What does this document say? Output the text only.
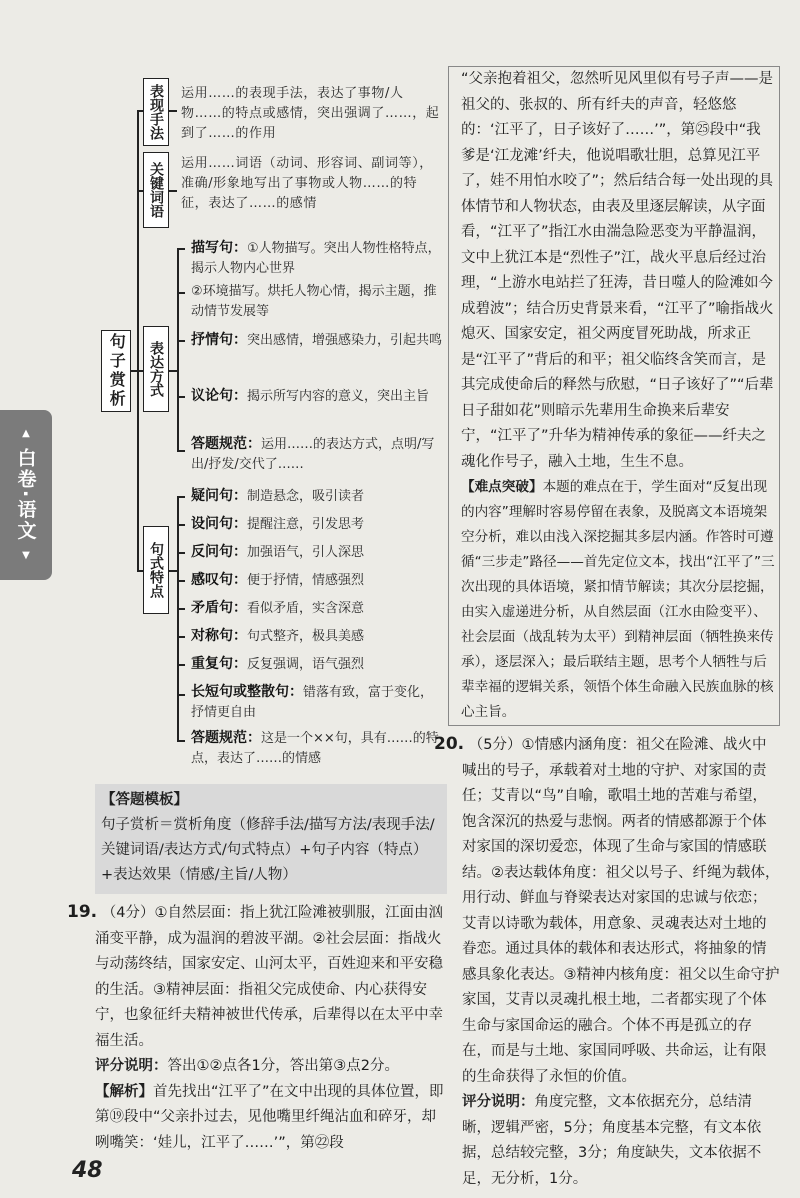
▲
白卷·语文
▼
句子赏析
表现手法 运用……的表现手法，表达了事物/人物……的特点或感情，突出强调了……，起到了……的作用
关键词语 运用……词语（动词、形容词、副词等），准确/形象地写出了事物或人物……的特征，表达了……的感情
表达方式
描写句：①人物描写。突出人物性格特点，揭示人物内心世界
②环境描写。烘托人物心情，揭示主题，推动情节发展等
抒情句：突出感情，增强感染力，引起共鸣
议论句：揭示所写内容的意义，突出主旨
答题规范：运用……的表达方式，点明/写出/抒发/交代了……
句式特点
疑问句：制造悬念，吸引读者
设问句：提醒注意，引发思考
反问句：加强语气，引人深思
感叹句：便于抒情，情感强烈
矛盾句：看似矛盾，实含深意
对称句：句式整齐，极具美感
重复句：反复强调，语气强烈
长短句或整散句：错落有致，富于变化，抒情更自由
答题规范：这是一个××句，具有……的特点，表达了……的情感
【答题模板】
句子赏析＝赏析角度（修辞手法/描写方法/表现手法/关键词语/表达方式/句式特点）+句子内容（特点）+表达效果（情感/主旨/人物）
19. （4分）①自然层面：指上犹江险滩被驯服，江面由汹涌变平静，成为温润的碧波平湖。②社会层面：指战火与动荡终结，国家安定、山河太平，百姓迎来和平安稳的生活。③精神层面：指祖父完成使命、内心获得安宁，也象征纤夫精神被世代传承，后辈得以在太平中幸福生活。
评分说明：答出①②点各1分，答出第③点2分。
【解析】首先找出“江平了”在文中出现的具体位置，即第⑲段中“父亲扑过去，见他嘴里纤绳沾血和碎牙，却咧嘴笑：‘娃儿，江平了……’”，第㉒段
“父亲抱着祖父，忽然听见风里似有号子声——是祖父的、张叔的、所有纤夫的声音，轻悠悠的：‘江平了，日子该好了……’”，第㉕段中“我爹是‘江龙滩’纤夫，他说唱歌壮胆，总算见江平了，娃不用怕水咬了”；然后结合每一处出现的具体情节和人物状态，由表及里逐层解读，从字面看，“江平了”指江水由湍急险恶变为平静温润，文中上犹江本是“烈性子”江，战火平息后经过治理，“上游水电站拦了狂涛，昔日噬人的险滩如今成碧波”；结合历史背景来看，“江平了”喻指战火熄灭、国家安定，祖父两度冒死助战，所求正是“江平了”背后的和平；祖父临终含笑而言，是其完成使命后的释然与欣慰，“日子该好了”“后辈日子甜如花”则暗示先辈用生命换来后辈安宁，“江平了”升华为精神传承的象征——纤夫之魂化作号子，融入土地，生生不息。
【难点突破】本题的难点在于，学生面对“反复出现的内容”理解时容易停留在表象，及脱离文本语境架空分析，难以由浅入深挖掘其多层内涵。作答时可遵循“三步走”路径——首先定位文本，找出“江平了”三次出现的具体语境，紧扣情节解读；其次分层挖掘，由实入虚递进分析，从自然层面（江水由险变平）、社会层面（战乱转为太平）到精神层面（牺牲换来传承），逐层深入；最后联结主题，思考个人牺牲与后辈幸福的逻辑关系，领悟个体生命融入民族血脉的核心主旨。
20. （5分）①情感内涵角度：祖父在险滩、战火中喊出的号子，承载着对土地的守护、对家国的责任；艾青以“鸟”自喻，歌唱土地的苦难与希望，饱含深沉的热爱与悲悯。两者的情感都源于个体对家国的深切爱恋，体现了生命与家国的情感联结。②表达载体角度：祖父以号子、纤绳为载体，用行动、鲜血与脊梁表达对家国的忠诚与依恋；艾青以诗歌为载体，用意象、灵魂表达对土地的眷恋。通过具体的载体和表达形式，将抽象的情感具象化表达。③精神内核角度：祖父以生命守护家国，艾青以灵魂扎根土地，二者都实现了个体生命与家国命运的融合。个体不再是孤立的存在，而是与土地、家国同呼吸、共命运，让有限的生命获得了永恒的价值。
评分说明：角度完整，文本依据充分，总结清晰，逻辑严密，5分；角度基本完整，有文本依据，总结较完整，3分；角度缺失，文本依据不足，无分析，1分。
48
